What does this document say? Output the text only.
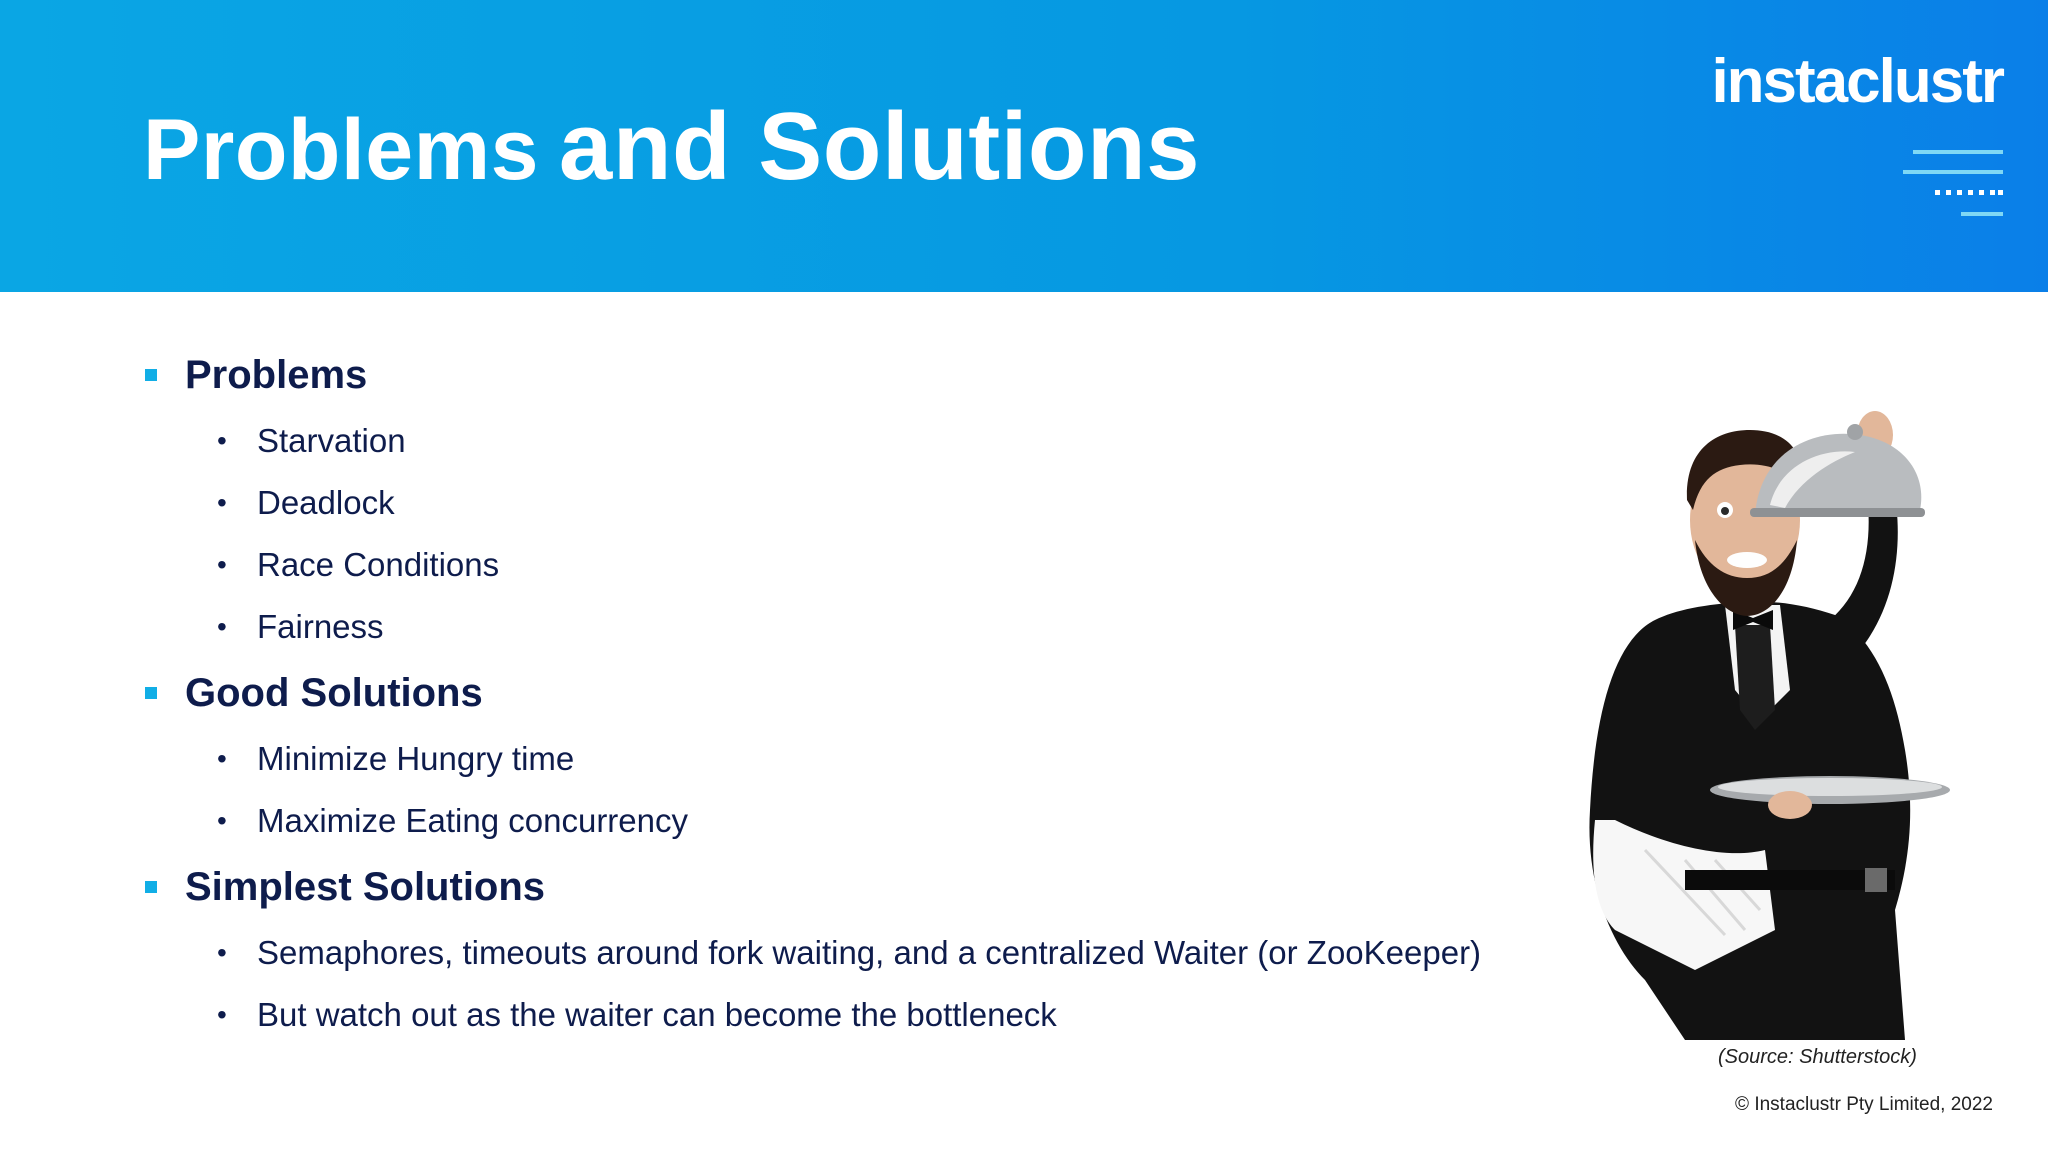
Problems and Solutions
instaclustr
Problems
• Starvation
• Deadlock
• Race Conditions
• Fairness
Good Solutions
• Minimize Hungry time
• Maximize Eating concurrency
Simplest Solutions
• Semaphores, timeouts around fork waiting, and a centralized Waiter (or ZooKeeper)
• But watch out as the waiter can become the bottleneck
(Source: Shutterstock)
© Instaclustr Pty Limited, 2022
